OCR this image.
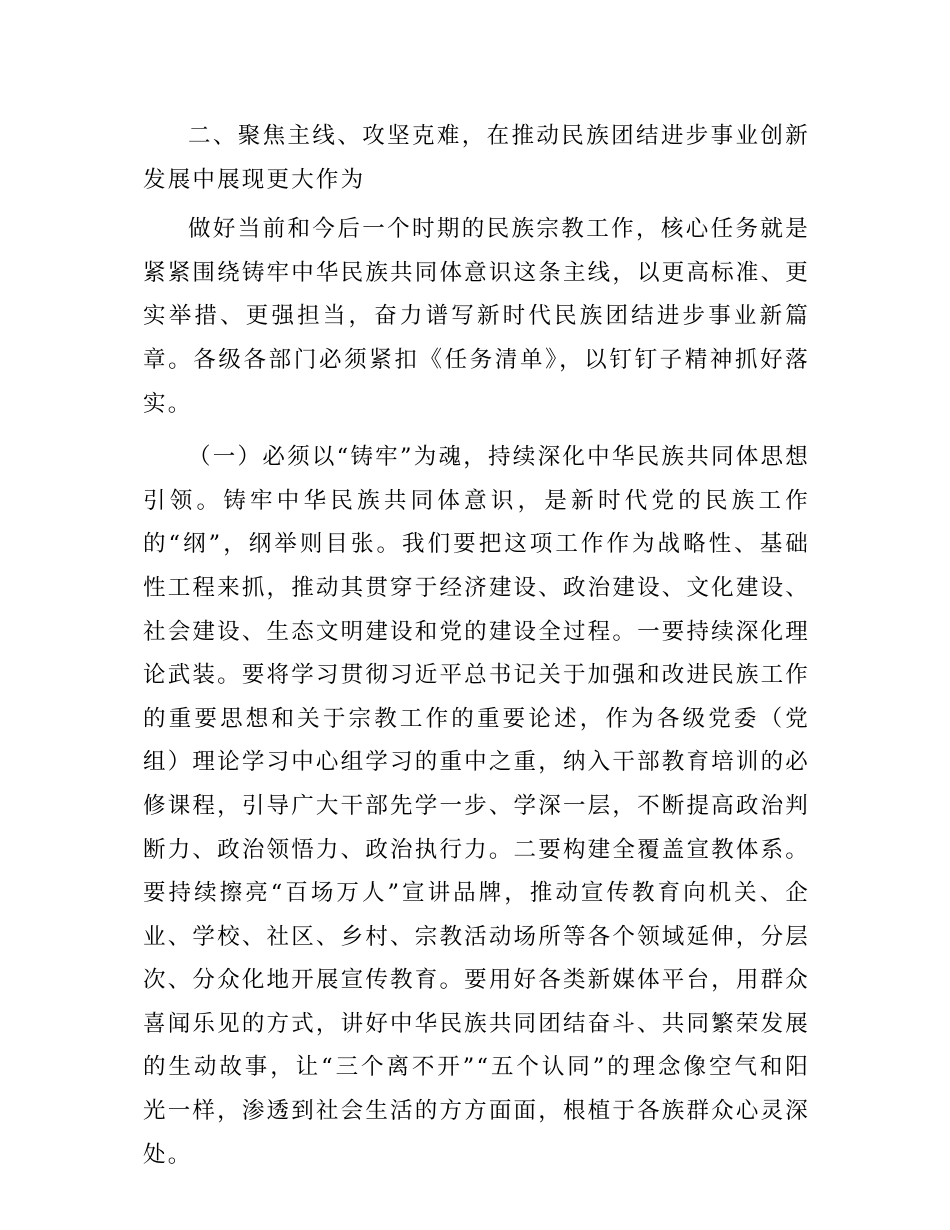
二、聚焦主线、攻坚克难，在推动民族团结进步事业创新发展中展现更大作为

做好当前和今后一个时期的民族宗教工作，核心任务就是紧紧围绕铸牢中华民族共同体意识这条主线，以更高标准、更实举措、更强担当，奋力谱写新时代民族团结进步事业新篇章。各级各部门必须紧扣《任务清单》，以钉钉子精神抓好落实。

（一）必须以“铸牢”为魂，持续深化中华民族共同体思想引领。铸牢中华民族共同体意识，是新时代党的民族工作的“纲”，纲举则目张。我们要把这项工作作为战略性、基础性工程来抓，推动其贯穿于经济建设、政治建设、文化建设、社会建设、生态文明建设和党的建设全过程。一要持续深化理论武装。要将学习贯彻习近平总书记关于加强和改进民族工作的重要思想和关于宗教工作的重要论述，作为各级党委（党组）理论学习中心组学习的重中之重，纳入干部教育培训的必修课程，引导广大干部先学一步、学深一层，不断提高政治判断力、政治领悟力、政治执行力。二要构建全覆盖宣教体系。要持续擦亮“百场万人”宣讲品牌，推动宣传教育向机关、企业、学校、社区、乡村、宗教活动场所等各个领域延伸，分层次、分众化地开展宣传教育。要用好各类新媒体平台，用群众喜闻乐见的方式，讲好中华民族共同团结奋斗、共同繁荣发展的生动故事，让“三个离不开”“五个认同”的理念像空气和阳光一样，渗透到社会生活的方方面面，根植于各族群众心灵深处。
